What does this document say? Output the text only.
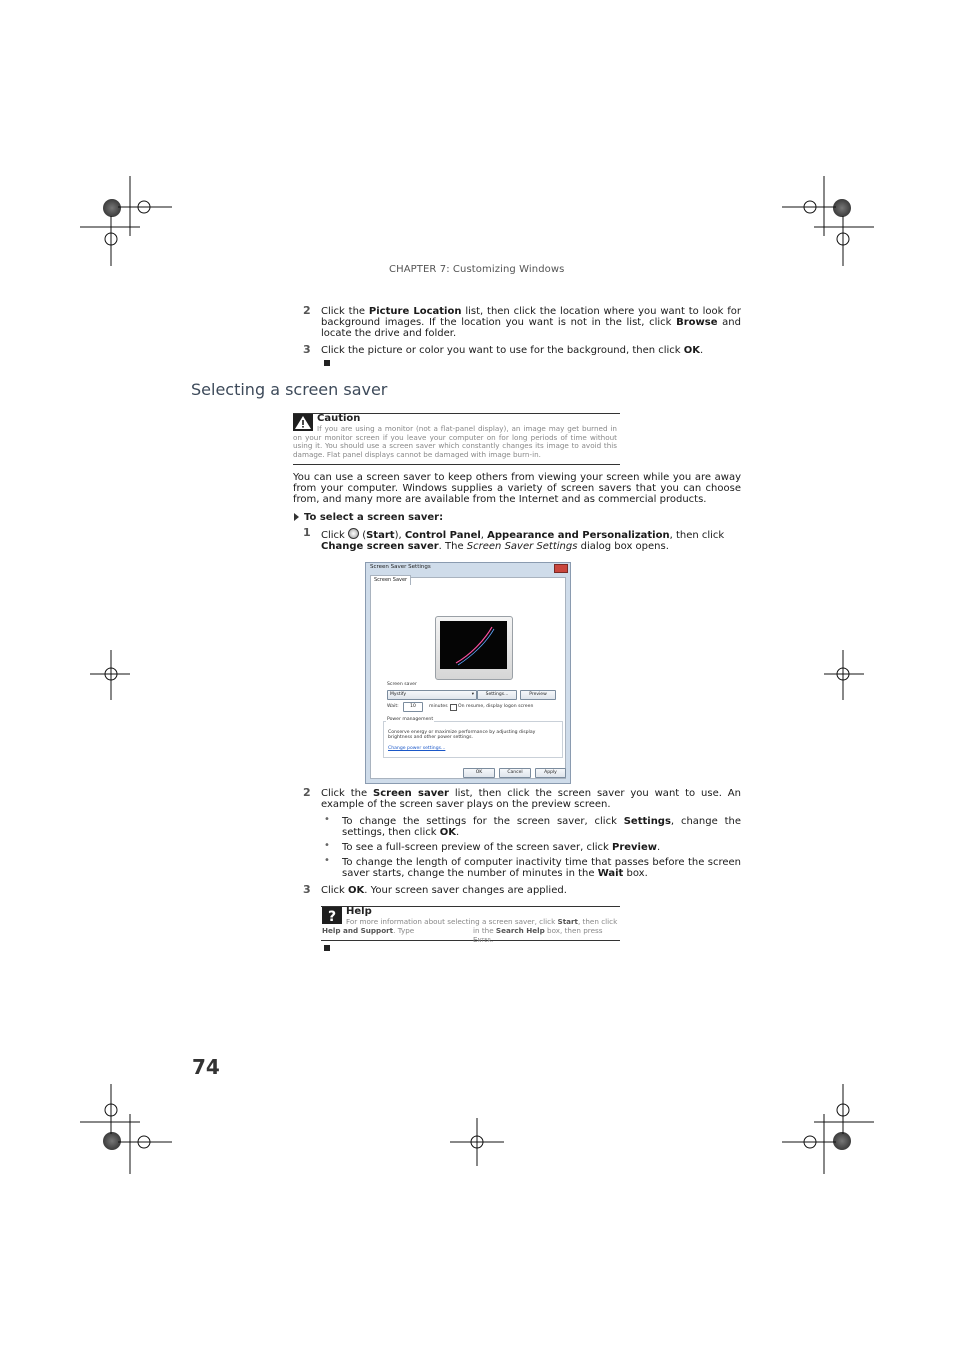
CHAPTER 7: Customizing Windows
2 Click the Picture Location list, then click the location where you want to look for background images. If the location you want is not in the list, click Browse and locate the drive and folder.
3 Click the picture or color you want to use for the background, then click OK.
Selecting a screen saver
Caution
If you are using a monitor (not a flat-panel display), an image may get burned in on your monitor screen if you leave your computer on for long periods of time without using it. You should use a screen saver which constantly changes its image to avoid this damage. Flat panel displays cannot be damaged with image burn-in.
You can use a screen saver to keep others from viewing your screen while you are away from your computer. Windows supplies a variety of screen savers that you can choose from, and many more are available from the Internet and as commercial products.
To select a screen saver:
1 Click  (Start), Control Panel, Appearance and Personalization, then click Change screen saver. The Screen Saver Settings dialog box opens.
Screen Saver Settings
Screen saver
Mystify	▾	Settings...	Preview
Wait:	10	minutes On resume, display logon screen
Power management
Conserve energy or maximize performance by adjusting display brightness and other power settings.
Change power settings...
Screen Saver
OK	Cancel	Apply
2 Click the Screen saver list, then click the screen saver you want to use. An example of the screen saver plays on the preview screen.
• To change the settings for the screen saver, click Settings, change the settings, then click OK.
• To see a full-screen preview of the screen saver, click Preview.
• To change the length of computer inactivity time that passes before the screen saver starts, change the number of minutes in the Wait box.
3 Click OK. Your screen saver changes are applied.
? Help
For more information about selecting a screen saver, click Start, then click
Help and Support. Type	in the Search Help box, then press Enter.
74
